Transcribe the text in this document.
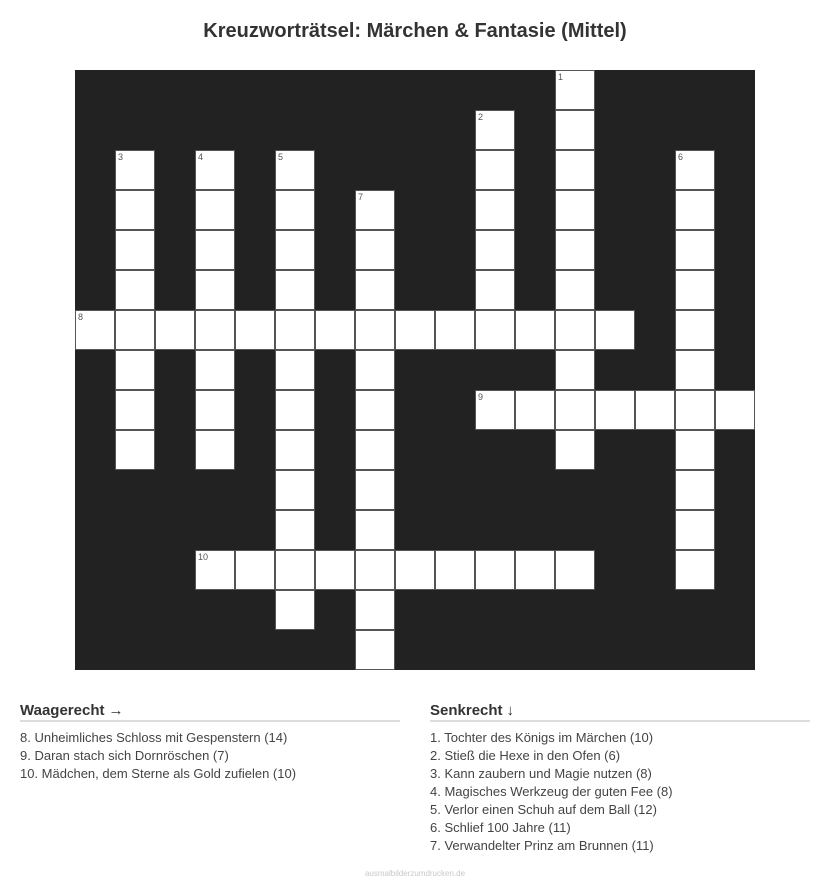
Kreuzworträtsel: Märchen & Fantasie (Mittel)
1
2
3	4	5	6
7
8
9
10
Waagerecht →
8. Unheimliches Schloss mit Gespenstern (14)
9. Daran stach sich Dornröschen (7)
10. Mädchen, dem Sterne als Gold zufielen (10)
Senkrecht ↓
1. Tochter des Königs im Märchen (10)
2. Stieß die Hexe in den Ofen (6)
3. Kann zaubern und Magie nutzen (8)
4. Magisches Werkzeug der guten Fee (8)
5. Verlor einen Schuh auf dem Ball (12)
6. Schlief 100 Jahre (11)
7. Verwandelter Prinz am Brunnen (11)
ausmalbilderzumdrucken.de
